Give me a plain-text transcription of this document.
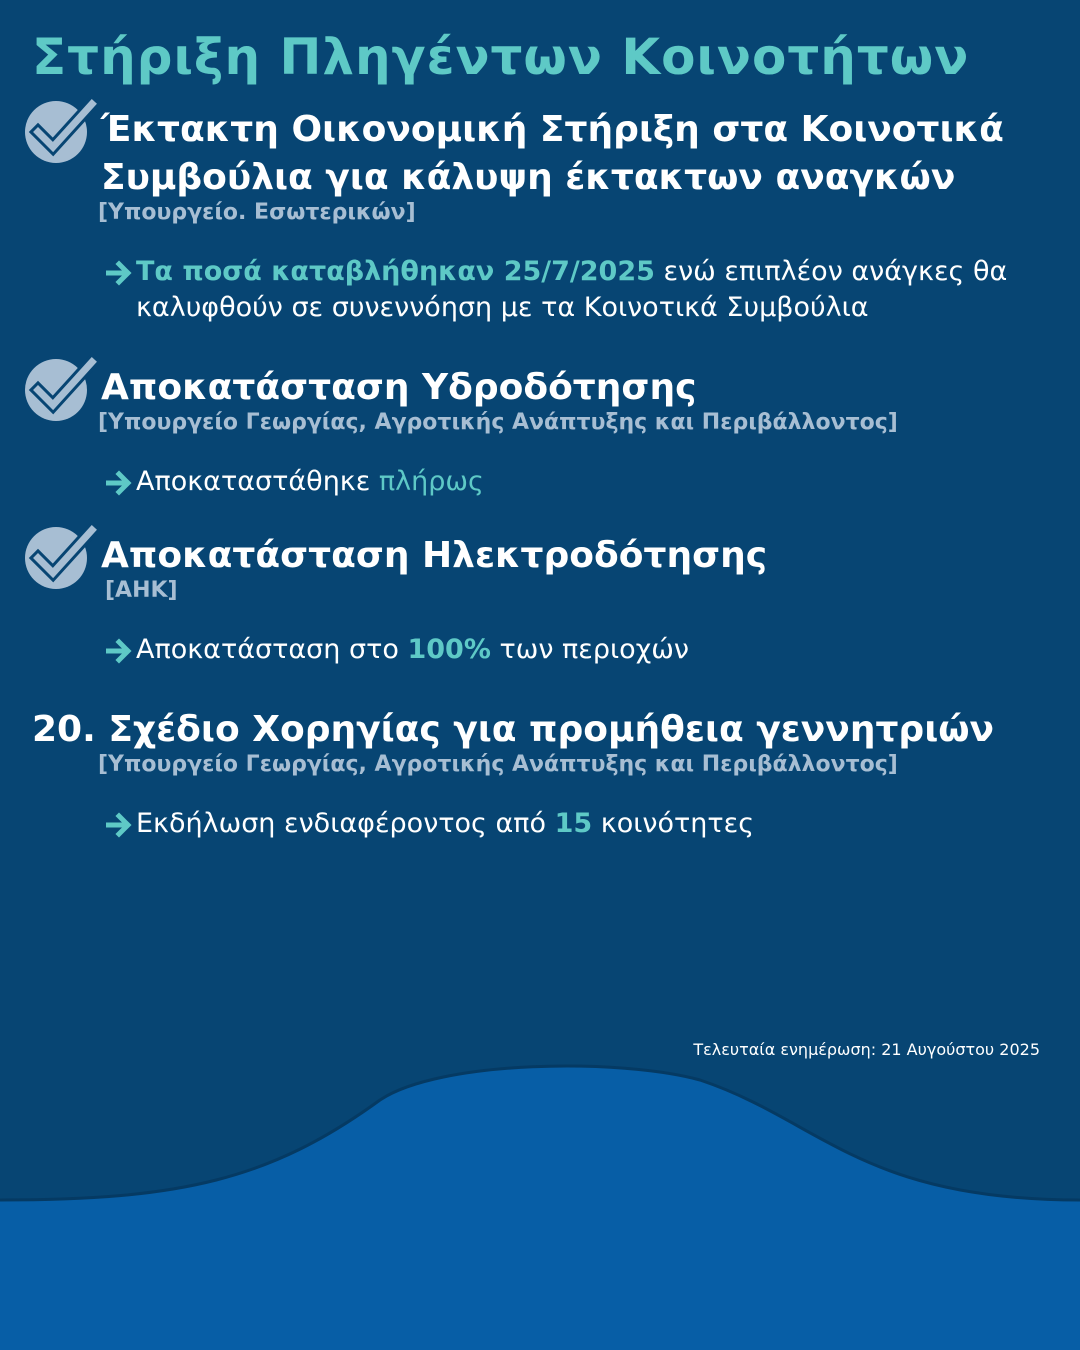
Στήριξη Πληγέντων Κοινοτήτων
Έκτακτη Οικονομική Στήριξη στα Κοινοτικά
Συμβούλια για κάλυψη έκτακτων αναγκών
[Υπουργείο. Εσωτερικών]
Τα ποσά καταβλήθηκαν 25/7/2025 ενώ επιπλέον ανάγκες θα
καλυφθούν σε συνεννόηση με τα Κοινοτικά Συμβούλια
Αποκατάσταση Υδροδότησης
[Υπουργείο Γεωργίας, Αγροτικής Ανάπτυξης και Περιβάλλοντος]
Αποκαταστάθηκε πλήρως
Αποκατάσταση Ηλεκτροδότησης
[ΑΗΚ]
Αποκατάσταση στο 100% των περιοχών
20. Σχέδιο Χορηγίας για προμήθεια γεννητριών
[Υπουργείο Γεωργίας, Αγροτικής Ανάπτυξης και Περιβάλλοντος]
Εκδήλωση ενδιαφέροντος από 15 κοινότητες
Τελευταία ενημέρωση: 21 Αυγούστου 2025
